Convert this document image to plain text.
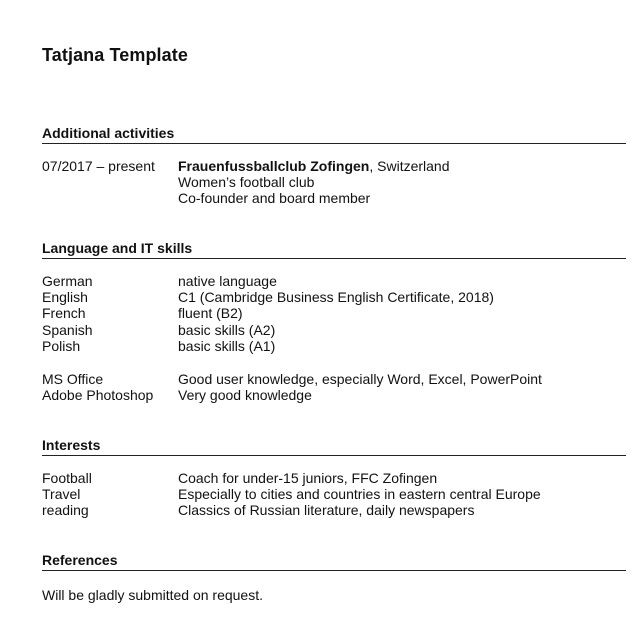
Tatjana Template
Additional activities
07/2017 – present	Frauenfussballclub Zofingen, Switzerland
Women’s football club
Co-founder and board member
Language and IT skills
German	native language
English	C1 (Cambridge Business English Certificate, 2018)
French	fluent (B2)
Spanish	basic skills (A2)
Polish	basic skills (A1)
MS Office	Good user knowledge, especially Word, Excel, PowerPoint
Adobe Photoshop	Very good knowledge
Interests
Football	Coach for under-15 juniors, FFC Zofingen
Travel	Especially to cities and countries in eastern central Europe
reading	Classics of Russian literature, daily newspapers
References
Will be gladly submitted on request.
